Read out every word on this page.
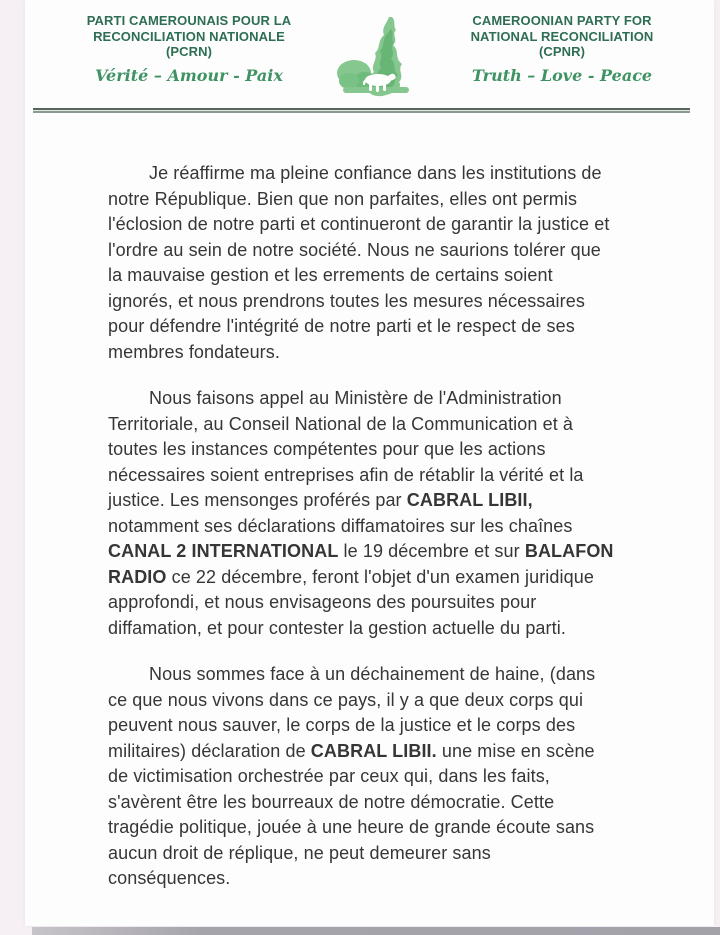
PARTI CAMEROUNAIS POUR LA
RECONCILIATION NATIONALE
(PCRN)
Vérité – Amour - Paix
CAMEROONIAN PARTY FOR
NATIONAL RECONCILIATION
(CPNR)
Truth – Love - Peace

Je réaffirme ma pleine confiance dans les institutions de notre République. Bien que non parfaites, elles ont permis l'éclosion de notre parti et continueront de garantir la justice et l'ordre au sein de notre société. Nous ne saurions tolérer que la mauvaise gestion et les errements de certains soient ignorés, et nous prendrons toutes les mesures nécessaires pour défendre l'intégrité de notre parti et le respect de ses membres fondateurs.

Nous faisons appel au Ministère de l'Administration Territoriale, au Conseil National de la Communication et à toutes les instances compétentes pour que les actions nécessaires soient entreprises afin de rétablir la vérité et la justice. Les mensonges proférés par CABRAL LIBII, notamment ses déclarations diffamatoires sur les chaînes CANAL 2 INTERNATIONAL le 19 décembre et sur BALAFON RADIO ce 22 décembre, feront l'objet d'un examen juridique approfondi, et nous envisageons des poursuites pour diffamation, et pour contester la gestion actuelle du parti.

Nous sommes face à un déchainement de haine, (dans ce que nous vivons dans ce pays, il y a que deux corps qui peuvent nous sauver, le corps de la justice et le corps des militaires) déclaration de CABRAL LIBII. une mise en scène de victimisation orchestrée par ceux qui, dans les faits, s'avèrent être les bourreaux de notre démocratie. Cette tragédie politique, jouée à une heure de grande écoute sans aucun droit de réplique, ne peut demeurer sans conséquences.
